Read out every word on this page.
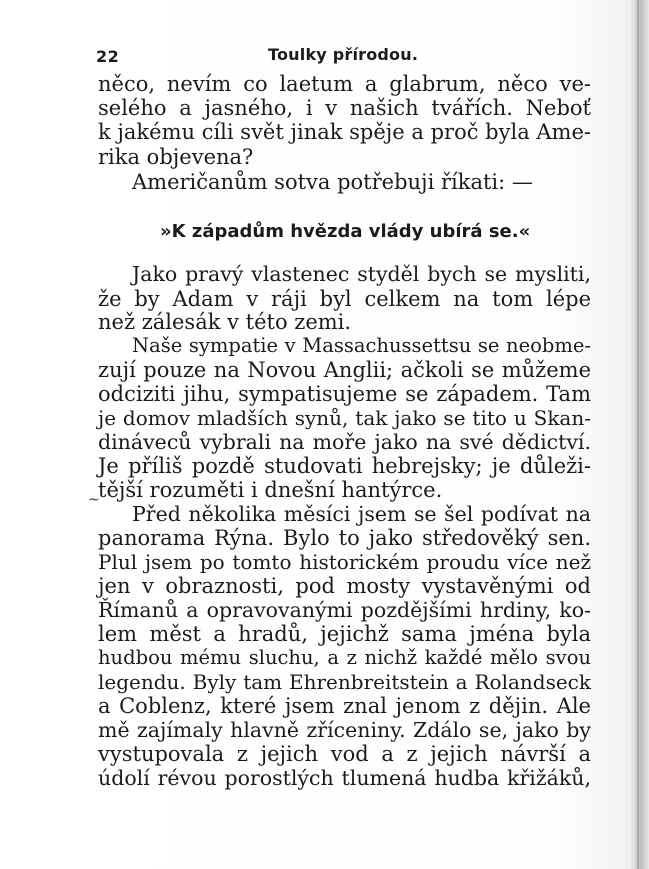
22	Toulky přírodou.
něco, nevím co laetum a glabrum, něco ve-
selého a jasného, i v našich tvářích. Neboť
k jakému cíli svět jinak spěje a proč byla Ame-
rika objevena?
Američanům sotva potřebuji říkati: —
»K západům hvězda vlády ubírá se.«
Jako pravý vlastenec styděl bych se mysliti,
že by Adam v ráji byl celkem na tom lépe
než zálesák v této zemi.
Naše sympatie v Massachussettsu se neobme-
zují pouze na Novou Anglii; ačkoli se můžeme
odciziti jihu, sympatisujeme se západem. Tam
je domov mladších synů, tak jako se tito u Skan-
dináveců vybrali na moře jako na své dědictví.
Je příliš pozdě studovati hebrejsky; je důleži-
tější rozuměti i dnešní hantýrce.
~
Před několika měsíci jsem se šel podívat na
panorama Rýna. Bylo to jako středověký sen.
Plul jsem po tomto historickém proudu více než
jen v obraznosti, pod mosty vystavěnými od
Římanů a opravovanými pozdějšími hrdiny, ko-
lem měst a hradů, jejichž sama jména byla
hudbou mému sluchu, a z nichž každé mělo svou
legendu. Byly tam Ehrenbreitstein a Rolandseck
a Coblenz, které jsem znal jenom z dějin. Ale
mě zajímaly hlavně zříceniny. Zdálo se, jako by
vystupovala z jejich vod a z jejich návrší a
údolí révou porostlých tlumená hudba křižáků,
